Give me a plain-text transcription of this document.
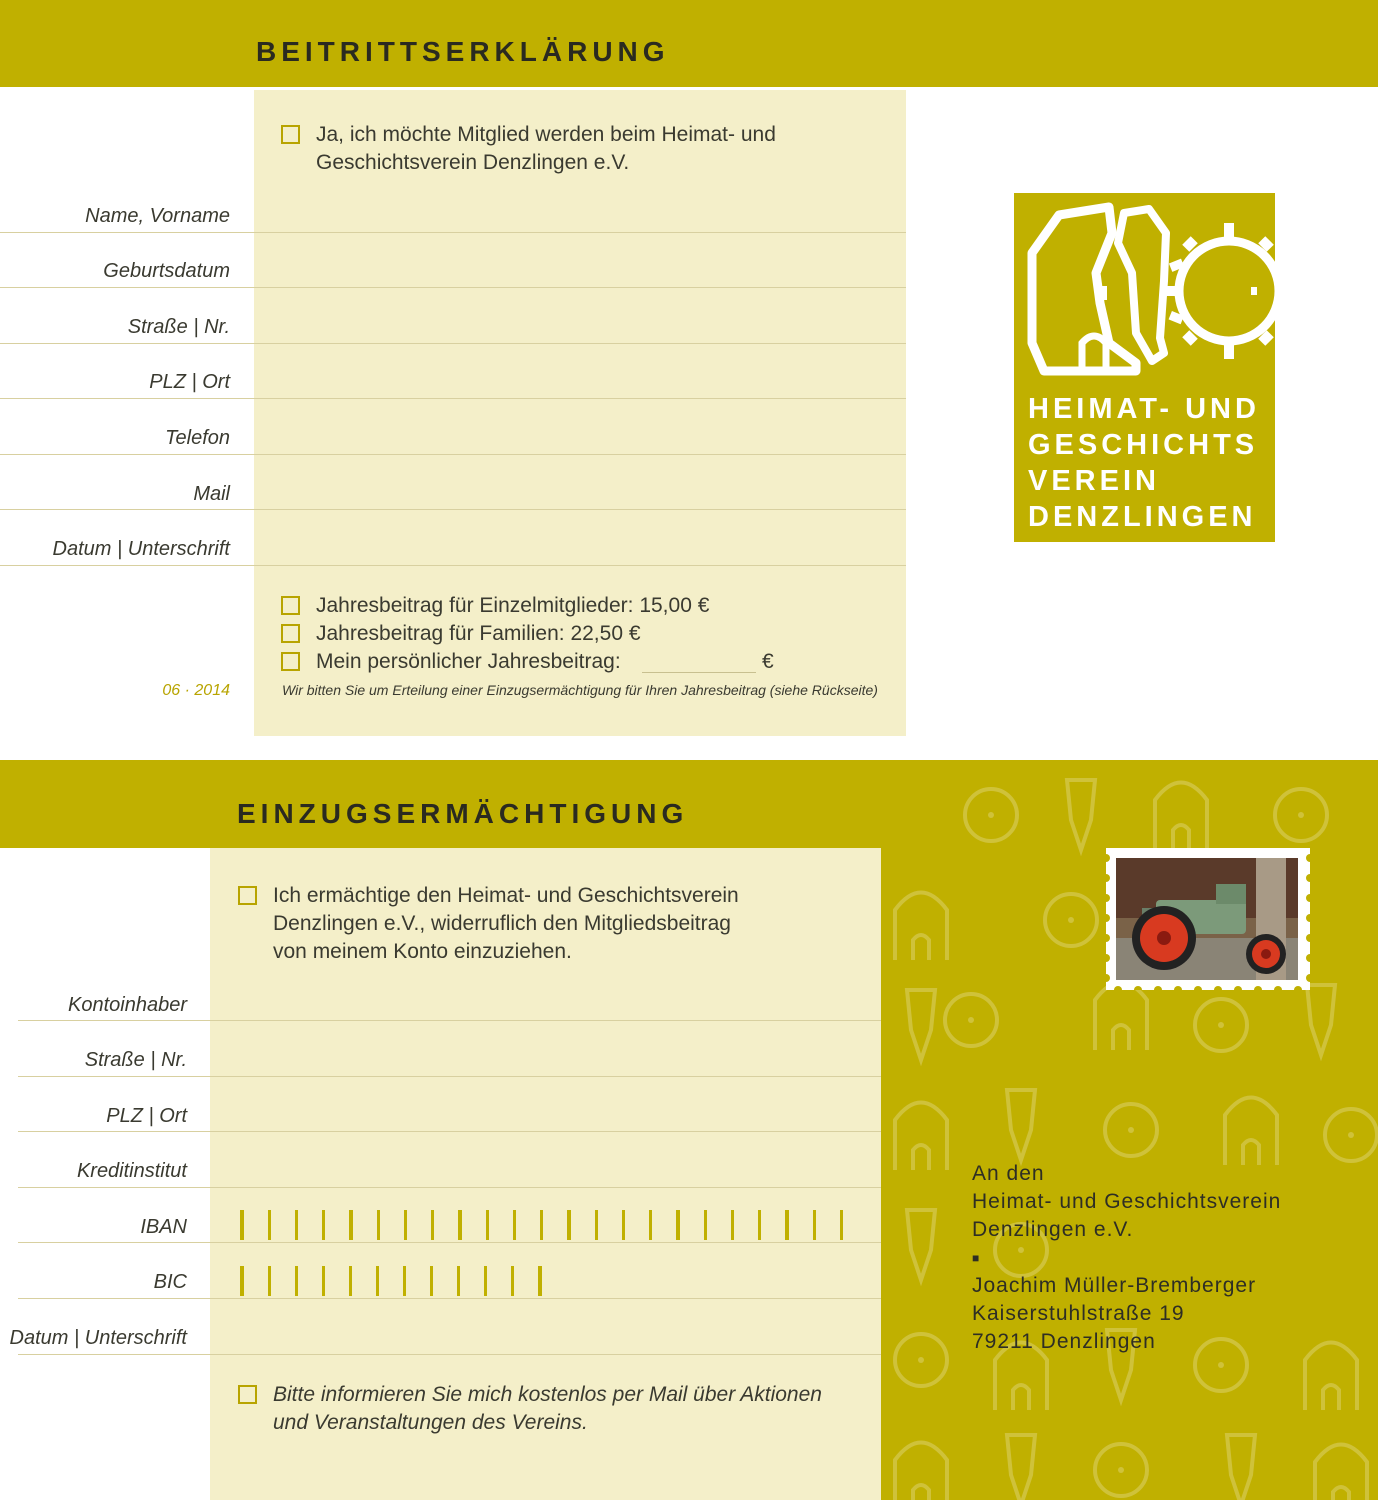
BEITRITTSERKLÄRUNG
Ja, ich möchte Mitglied werden beim Heimat- und
Geschichtsverein Denzlingen e.V.
Name, Vorname
Geburtsdatum
Straße | Nr.
PLZ | Ort
Telefon
Mail
Datum | Unterschrift
Jahresbeitrag für Einzelmitglieder: 15,00 €
Jahresbeitrag für Familien: 22,50 €
Mein persönlicher Jahresbeitrag:	€
06 · 2014	Wir bitten Sie um Erteilung einer Einzugsermächtigung für Ihren Jahresbeitrag (siehe Rückseite)
HEIMAT- UND
GESCHICHTS
VEREIN
DENZLINGEN
EINZUGSERMÄCHTIGUNG
Ich ermächtige den Heimat- und Geschichtsverein
Denzlingen e.V., widerruflich den Mitgliedsbeitrag
von meinem Konto einzuziehen.
Kontoinhaber
Straße | Nr.
PLZ | Ort
Kreditinstitut
IBAN
BIC
Datum | Unterschrift
Bitte informieren Sie mich kostenlos per Mail über Aktionen
und Veranstaltungen des Vereins.
An den
Heimat- und Geschichtsverein
Denzlingen e.V.
■
Joachim Müller-Bremberger
Kaiserstuhlstraße 19
79211 Denzlingen
